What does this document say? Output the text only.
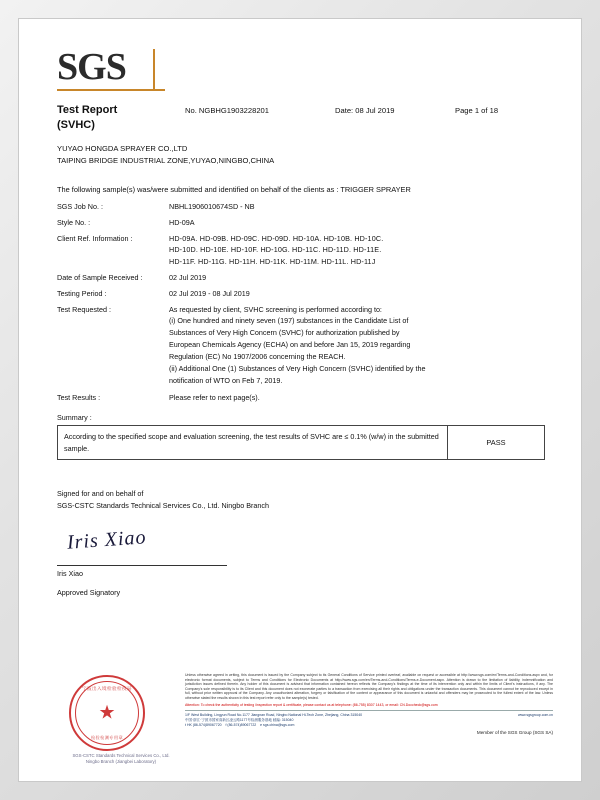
SGS
Test Report
(SVHC)
No. NGBHG1903228201	Date: 08 Jul 2019	Page 1 of 18
YUYAO HONGDA SPRAYER CO.,LTD
TAIPING BRIDGE INDUSTRIAL ZONE,YUYAO,NINGBO,CHINA
The following sample(s) was/were submitted and identified on behalf of the clients as : TRIGGER SPRAYER
SGS Job No. :	NBHL1906010674SD - NB
Style No. :	HD-09A
Client Ref. Information :	HD-09A. HD-09B. HD-09C. HD-09D. HD-10A. HD-10B. HD-10C.
HD-10D. HD-10E. HD-10F. HD-10G. HD-11C. HD-11D. HD-11E.
HD-11F. HD-11G. HD-11H. HD-11K. HD-11M. HD-11L. HD-11J

Date of Sample Received :	02 Jul 2019
Testing Period :	02 Jul 2019 - 08 Jul 2019
Test Requested :	As requested by client, SVHC screening is performed according to:
(i) One hundred and ninety seven (197) substances in the Candidate List of
Substances of Very High Concern (SVHC) for authorization published by
European Chemicals Agency (ECHA) on and before Jan 15, 2019 regarding
Regulation (EC) No 1907/2006 concerning the REACH.
(ii) Additional One (1) Substances of Very High Concern (SVHC) identified by the
notification of WTO on Feb 7, 2019.

Test Results :	Please refer to next page(s).
Summary :
According to the specified scope and evaluation screening, the test results of SVHC are ≤ 0.1% (w/w) in the submitted sample.
PASS
Signed for and on behalf of
SGS-CSTC Standards Technical Services Co., Ltd. Ningbo Branch
Iris Xiao
Iris Xiao
Approved Signatory
宁波出入境检验检疫局
★
检验检测专用章
SGS-CSTC Standards Technical Services Co., Ltd.
Ningbo Branch (Jiangbei Laboratory)
Unless otherwise agreed in writing, this document is issued by the Company subject to its General Conditions of Service printed overleaf, available on request or accessible at http://www.sgs.com/en/Terms-and-Conditions.aspx and, for electronic format documents, subject to Terms and Conditions for Electronic Documents at http://www.sgs.com/en/Terms-and-Conditions/Terms-e-Document.aspx. Attention is drawn to the limitation of liability, indemnification and jurisdiction issues defined therein. Any holder of this document is advised that information contained hereon reflects the Company's findings at the time of its intervention only and within the limits of Client's instructions, if any. The Company's sole responsibility is to its Client and this document does not exonerate parties to a transaction from exercising all their rights and obligations under the transaction documents. This document cannot be reproduced except in full, without prior written approval of the Company. Any unauthorized alteration, forgery or falsification of the content or appearance of this document is unlawful and offenders may be prosecuted to the fullest extent of the law. Unless otherwise stated the results shown in this test report refer only to the sample(s) tested.
Attention: To check the authenticity of testing /inspection report & certificate, please contact us at telephone: (86-755) 8307 1443, or email: CN.Doccheck@sgs.com
www.sgsgroup.com.cn
1/F West Building, Lingyun Road No.1177 Jiangnan Road, Ningbo National Hi-Tech Zone, Zhejiang, China 315040
中国·浙江·宁波市国家高新区凌云路1177号检测服务基地 邮编: 315040
t HK (86-574)89067720 f (86-574)89067722 e sgs.china@sgs.com
Member of the SGS Group (SGS SA)
